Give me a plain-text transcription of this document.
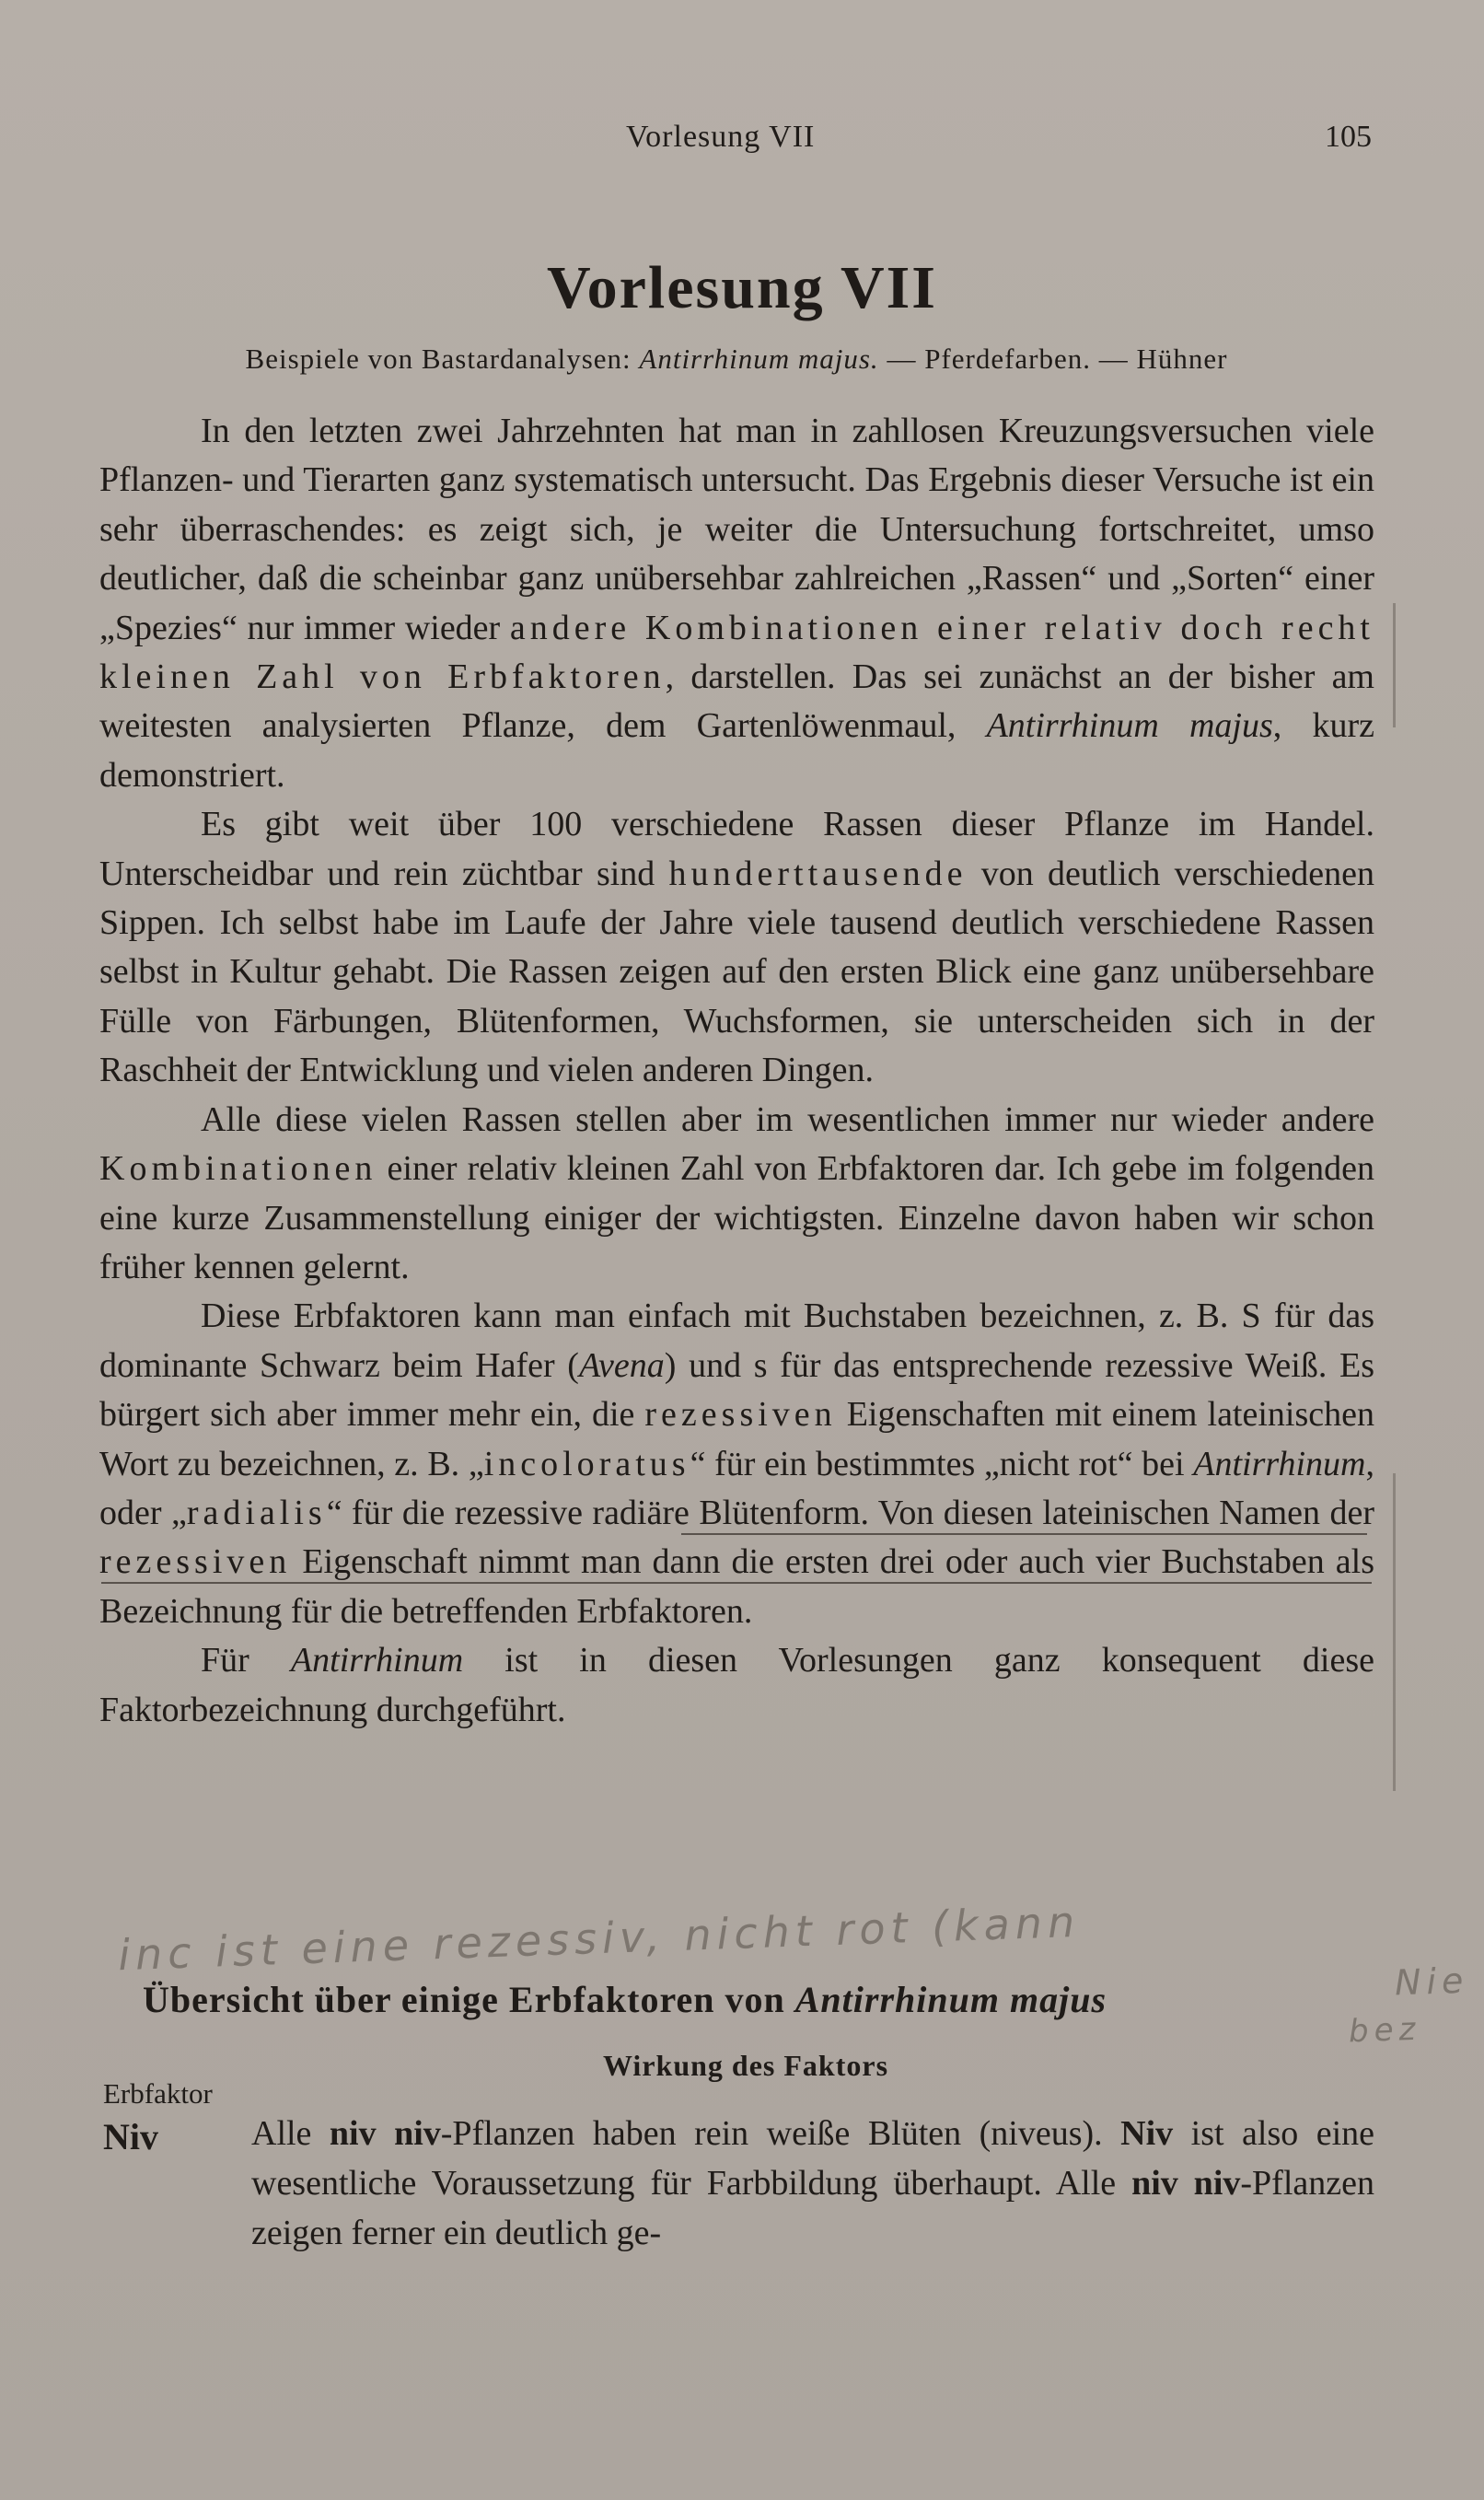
Vorlesung VII	105
Vorlesung VII
Beispiele von Bastardanalysen: Antirrhinum majus. — Pferdefarben. — Hühner

In den letzten zwei Jahrzehnten hat man in zahllosen Kreuzungsversuchen viele Pflanzen- und Tierarten ganz systematisch untersucht. Das Ergebnis dieser Versuche ist ein sehr überraschendes: es zeigt sich, je weiter die Untersuchung fortschreitet, umso deutlicher, daß die scheinbar ganz unübersehbar zahlreichen „Rassen“ und „Sorten“ einer „Spezies“ nur immer wieder andere Kombinationen einer relativ doch recht kleinen Zahl von Erbfaktoren, darstellen. Das sei zunächst an der bisher am weitesten analysierten Pflanze, dem Gartenlöwenmaul, Antirrhinum majus, kurz demonstriert.

Es gibt weit über 100 verschiedene Rassen dieser Pflanze im Handel. Unterscheidbar und rein züchtbar sind hunderttausende von deutlich verschiedenen Sippen. Ich selbst habe im Laufe der Jahre viele tausend deutlich verschiedene Rassen selbst in Kultur gehabt. Die Rassen zeigen auf den ersten Blick eine ganz unübersehbare Fülle von Färbungen, Blütenformen, Wuchsformen, sie unterscheiden sich in der Raschheit der Entwicklung und vielen anderen Dingen.

Alle diese vielen Rassen stellen aber im wesentlichen immer nur wieder andere Kombinationen einer relativ kleinen Zahl von Erbfaktoren dar. Ich gebe im folgenden eine kurze Zusammenstellung einiger der wichtigsten. Einzelne davon haben wir schon früher kennen gelernt.

Diese Erbfaktoren kann man einfach mit Buchstaben bezeichnen, z. B. S für das dominante Schwarz beim Hafer (Avena) und s für das entsprechende rezessive Weiß. Es bürgert sich aber immer mehr ein, die rezessiven Eigenschaften mit einem lateinischen Wort zu bezeichnen, z. B. „incoloratus“ für ein bestimmtes „nicht rot“ bei Antirrhinum, oder „radialis“ für die rezessive radiäre Blütenform. Von diesen lateinischen Namen der rezessiven Eigenschaft nimmt man dann die ersten drei oder auch vier Buchstaben als Bezeichnung für die betreffenden Erbfaktoren.

Für Antirrhinum ist in diesen Vorlesungen ganz konsequent diese Faktorbezeichnung durchgeführt.

inc ist eine rezessiv, nicht rot (kann
Nie
bez
Übersicht über einige Erbfaktoren von Antirrhinum majus
Wirkung des Faktors
Erbfaktor
Niv	Alle niv niv-Pflanzen haben rein weiße Blüten (niveus). Niv ist also eine wesentliche Voraussetzung für Farbbildung überhaupt. Alle niv niv-Pflanzen zeigen ferner ein deutlich ge-
